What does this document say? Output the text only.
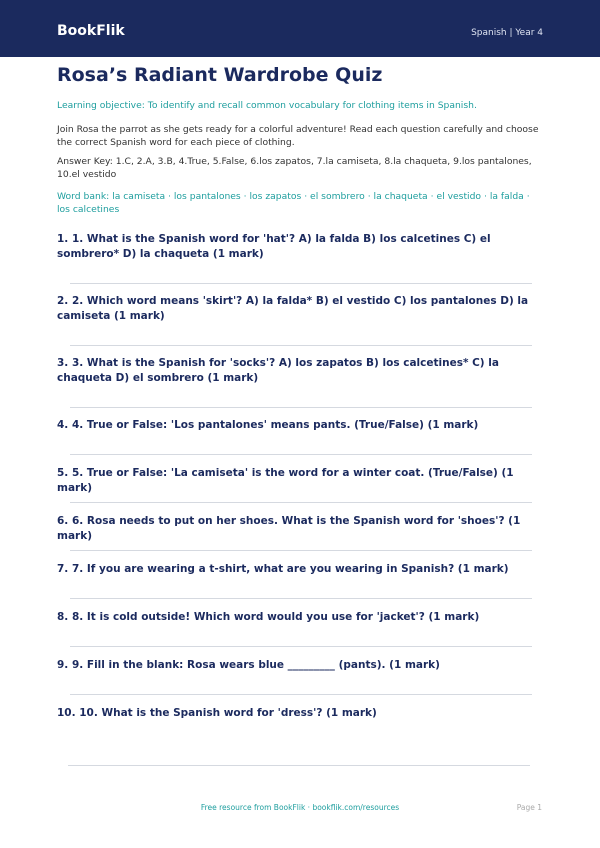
BookFlik	Spanish | Year 4
Rosa’s Radiant Wardrobe Quiz

Learning objective: To identify and recall common vocabulary for clothing items in Spanish.

Join Rosa the parrot as she gets ready for a colorful adventure! Read each question carefully and choose the correct Spanish word for each piece of clothing.

Answer Key: 1.C, 2.A, 3.B, 4.True, 5.False, 6.los zapatos, 7.la camiseta, 8.la chaqueta, 9.los pantalones, 10.el vestido

Word bank: la camiseta · los pantalones · los zapatos · el sombrero · la chaqueta · el vestido · la falda · los calcetines

1. 1. What is the Spanish word for 'hat'? A) la falda B) los calcetines C) el sombrero* D) la chaqueta (1 mark)
2. 2. Which word means 'skirt'? A) la falda* B) el vestido C) los pantalones D) la camiseta (1 mark)
3. 3. What is the Spanish for 'socks'? A) los zapatos B) los calcetines* C) la chaqueta D) el sombrero (1 mark)
4. 4. True or False: 'Los pantalones' means pants. (True/False) (1 mark)
5. 5. True or False: 'La camiseta' is the word for a winter coat. (True/False) (1 mark)
6. 6. Rosa needs to put on her shoes. What is the Spanish word for 'shoes'? (1 mark)
7. 7. If you are wearing a t-shirt, what are you wearing in Spanish? (1 mark)
8. 8. It is cold outside! Which word would you use for 'jacket'? (1 mark)
9. 9. Fill in the blank: Rosa wears blue _________ (pants). (1 mark)
10. 10. What is the Spanish word for 'dress'? (1 mark)
Free resource from BookFlik · bookflik.com/resources	Page 1
